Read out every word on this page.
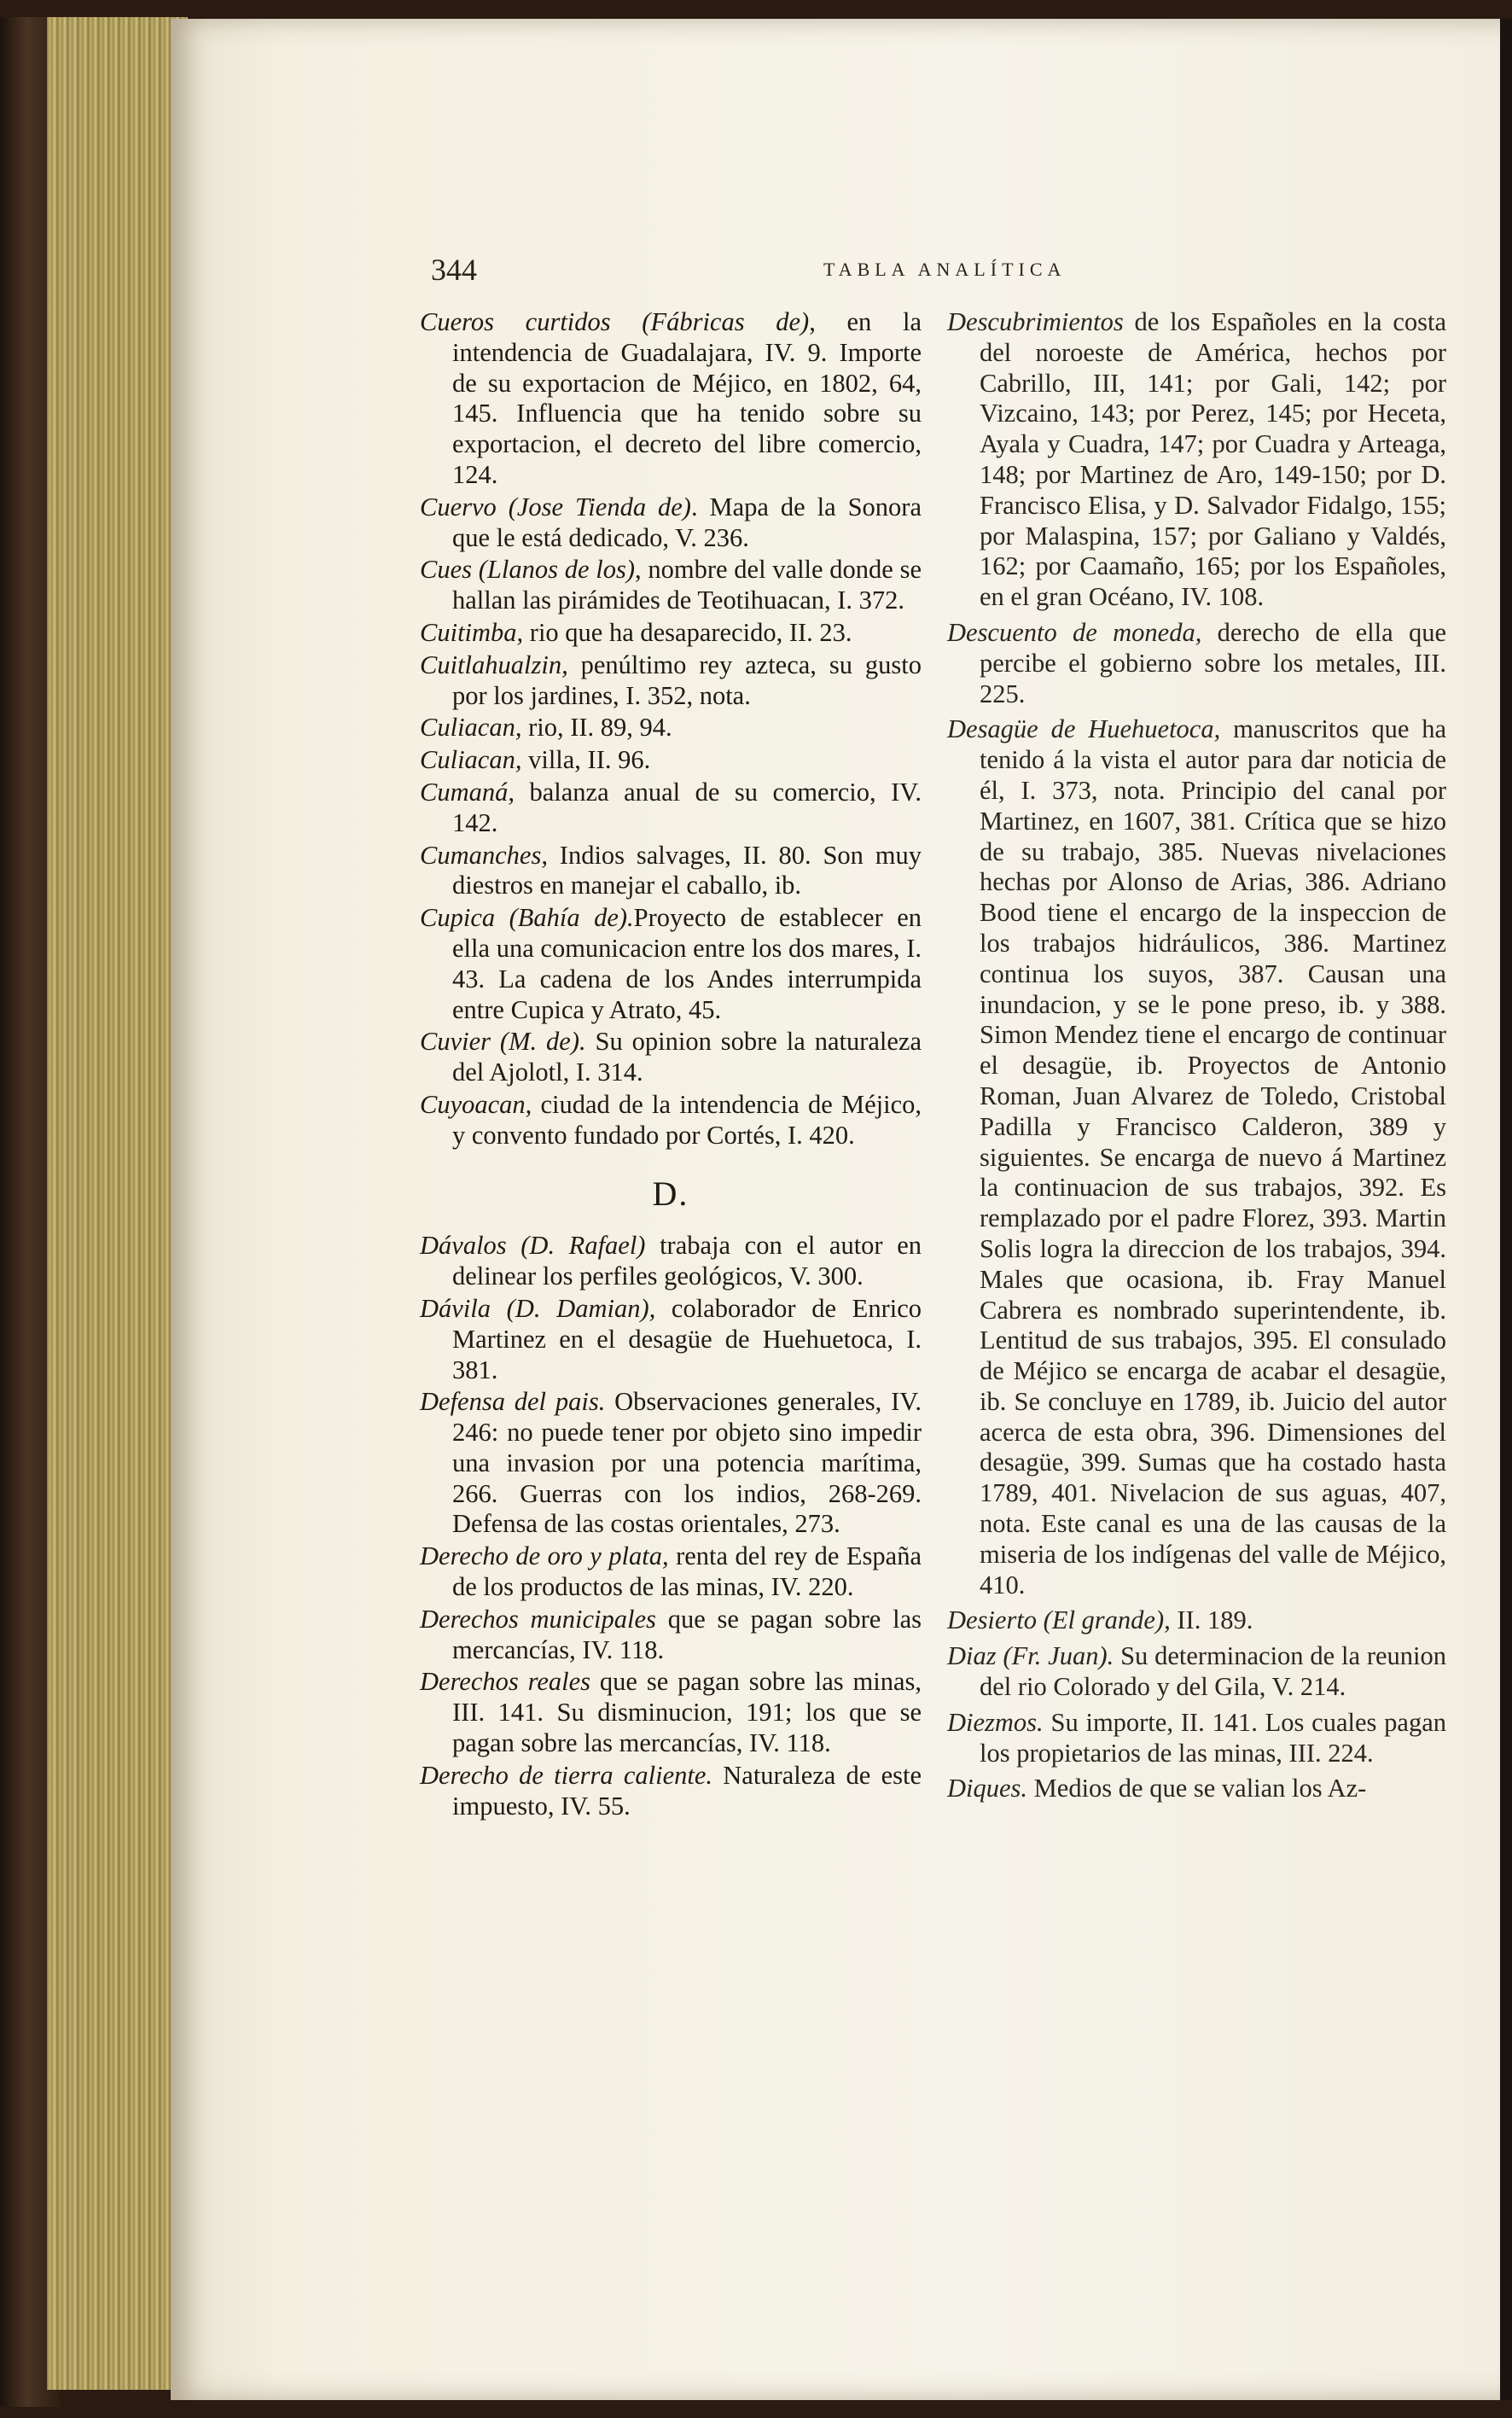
344	TABLA ANALÍTICA

Cueros curtidos (Fábricas de), en la intendencia de Guadalajara, IV. 9. Importe de su exportacion de Méjico, en 1802, 64, 145. Influencia que ha tenido sobre su exportacion, el decreto del libre comercio, 124.

Cuervo (Jose Tienda de). Mapa de la Sonora que le está dedicado, V. 236.

Cues (Llanos de los), nombre del valle donde se hallan las pirámides de Teotihuacan, I. 372.

Cuitimba, rio que ha desaparecido, II. 23.

Cuitlahualzin, penúltimo rey azteca, su gusto por los jardines, I. 352, nota.

Culiacan, rio, II. 89, 94.

Culiacan, villa, II. 96.

Cumaná, balanza anual de su comercio, IV. 142.

Cumanches, Indios salvages, II. 80. Son muy diestros en manejar el caballo, ib.

Cupica (Bahía de).Proyecto de establecer en ella una comunicacion entre los dos mares, I. 43. La cadena de los Andes interrumpida entre Cupica y Atrato, 45.

Cuvier (M. de). Su opinion sobre la naturaleza del Ajolotl, I. 314.

Cuyoacan, ciudad de la intendencia de Méjico, y convento fundado por Cortés, I. 420.

D.

Dávalos (D. Rafael) trabaja con el autor en delinear los perfiles geológicos, V. 300.

Dávila (D. Damian), colaborador de Enrico Martinez en el desagüe de Huehuetoca, I. 381.

Defensa del pais. Observaciones generales, IV. 246: no puede tener por objeto sino impedir una invasion por una potencia marítima, 266. Guerras con los indios, 268-269. Defensa de las costas orientales, 273.

Derecho de oro y plata, renta del rey de España de los productos de las minas, IV. 220.

Derechos municipales que se pagan sobre las mercancías, IV. 118.

Derechos reales que se pagan sobre las minas, III. 141. Su disminucion, 191; los que se pagan sobre las mercancías, IV. 118.

Derecho de tierra caliente. Naturaleza de este impuesto, IV. 55.

Descubrimientos de los Españoles en la costa del noroeste de América, hechos por Cabrillo, III, 141; por Gali, 142; por Vizcaino, 143; por Perez, 145; por Heceta, Ayala y Cuadra, 147; por Cuadra y Arteaga, 148; por Martinez de Aro, 149-150; por D. Francisco Elisa, y D. Salvador Fidalgo, 155; por Malaspina, 157; por Galiano y Valdés, 162; por Caamaño, 165; por los Españoles, en el gran Océano, IV. 108.

Descuento de moneda, derecho de ella que percibe el gobierno sobre los metales, III. 225.

Desagüe de Huehuetoca, manuscritos que ha tenido á la vista el autor para dar noticia de él, I. 373, nota. Principio del canal por Martinez, en 1607, 381. Crítica que se hizo de su trabajo, 385. Nuevas nivelaciones hechas por Alonso de Arias, 386. Adriano Bood tiene el encargo de la inspeccion de los trabajos hidráulicos, 386. Martinez continua los suyos, 387. Causan una inundacion, y se le pone preso, ib. y 388. Simon Mendez tiene el encargo de continuar el desagüe, ib. Proyectos de Antonio Roman, Juan Alvarez de Toledo, Cristobal Padilla y Francisco Calderon, 389 y siguientes. Se encarga de nuevo á Martinez la continuacion de sus trabajos, 392. Es remplazado por el padre Florez, 393. Martin Solis logra la direccion de los trabajos, 394. Males que ocasiona, ib. Fray Manuel Cabrera es nombrado superintendente, ib. Lentitud de sus trabajos, 395. El consulado de Méjico se encarga de acabar el desagüe, ib. Se concluye en 1789, ib. Juicio del autor acerca de esta obra, 396. Dimensiones del desagüe, 399. Sumas que ha costado hasta 1789, 401. Nivelacion de sus aguas, 407, nota. Este canal es una de las causas de la miseria de los indígenas del valle de Méjico, 410.

Desierto (El grande), II. 189.

Diaz (Fr. Juan). Su determinacion de la reunion del rio Colorado y del Gila, V. 214.

Diezmos. Su importe, II. 141. Los cuales pagan los propietarios de las minas, III. 224.

Diques. Medios de que se valian los Az-
